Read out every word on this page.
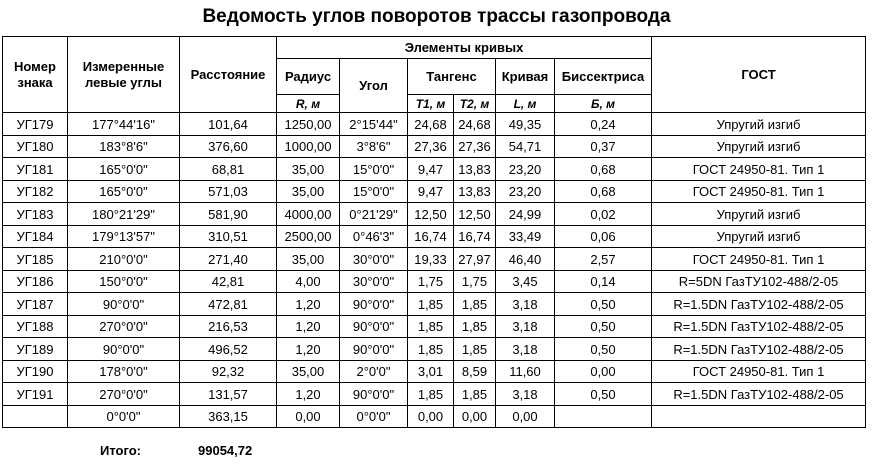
Ведомость углов поворотов трассы газопровода
Номер знака	Измеренные левые углы	Расстояние	Элементы кривых						ГОСТ
			Радиус	Угол	Тангенс		Кривая	Биссектриса	
			R, м		T1, м	T2, м	L, м	Б, м	
УГ179	177°44'16"	101,64	1250,00	2°15'44"	24,68	24,68	49,35	0,24	Упругий изгиб
УГ180	183°8'6"	376,60	1000,00	3°8'6"	27,36	27,36	54,71	0,37	Упругий изгиб
УГ181	165°0'0"	68,81	35,00	15°0'0"	9,47	13,83	23,20	0,68	ГОСТ 24950-81. Тип 1
УГ182	165°0'0"	571,03	35,00	15°0'0"	9,47	13,83	23,20	0,68	ГОСТ 24950-81. Тип 1
УГ183	180°21'29"	581,90	4000,00	0°21'29"	12,50	12,50	24,99	0,02	Упругий изгиб
УГ184	179°13'57"	310,51	2500,00	0°46'3"	16,74	16,74	33,49	0,06	Упругий изгиб
УГ185	210°0'0"	271,40	35,00	30°0'0"	19,33	27,97	46,40	2,57	ГОСТ 24950-81. Тип 1
УГ186	150°0'0"	42,81	4,00	30°0'0"	1,75	1,75	3,45	0,14	R=5DN ГазТУ102-488/2-05
УГ187	90°0'0"	472,81	1,20	90°0'0"	1,85	1,85	3,18	0,50	R=1.5DN ГазТУ102-488/2-05
УГ188	270°0'0"	216,53	1,20	90°0'0"	1,85	1,85	3,18	0,50	R=1.5DN ГазТУ102-488/2-05
УГ189	90°0'0"	496,52	1,20	90°0'0"	1,85	1,85	3,18	0,50	R=1.5DN ГазТУ102-488/2-05
УГ190	178°0'0"	92,32	35,00	2°0'0"	3,01	8,59	11,60	0,00	ГОСТ 24950-81. Тип 1
УГ191	270°0'0"	131,57	1,20	90°0'0"	1,85	1,85	3,18	0,50	R=1.5DN ГазТУ102-488/2-05
	0°0'0"	363,15	0,00	0°0'0"	0,00	0,00	0,00		
Итого:	99054,72
